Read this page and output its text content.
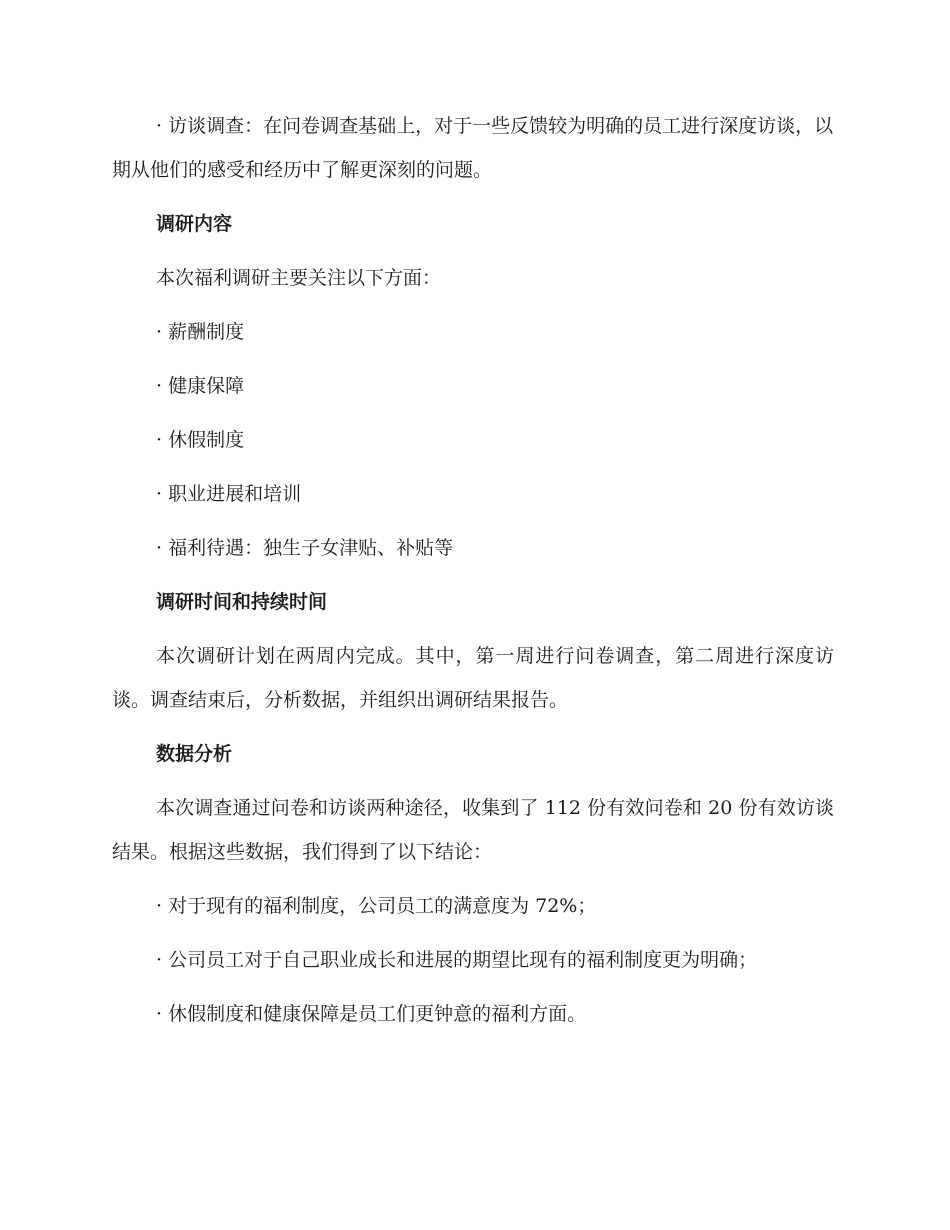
· 访谈调查：在问卷调查基础上，对于一些反馈较为明确的员工进行深度访谈，以期从他们的感受和经历中了解更深刻的问题。

调研内容

本次福利调研主要关注以下方面：

· 薪酬制度

· 健康保障

· 休假制度

· 职业进展和培训

· 福利待遇：独生子女津贴、补贴等

调研时间和持续时间

本次调研计划在两周内完成。其中，第一周进行问卷调查，第二周进行深度访谈。调查结束后，分析数据，并组织出调研结果报告。

数据分析

本次调查通过问卷和访谈两种途径，收集到了 112 份有效问卷和 20 份有效访谈结果。根据这些数据，我们得到了以下结论：

· 对于现有的福利制度，公司员工的满意度为 72%；

· 公司员工对于自己职业成长和进展的期望比现有的福利制度更为明确；

· 休假制度和健康保障是员工们更钟意的福利方面。
